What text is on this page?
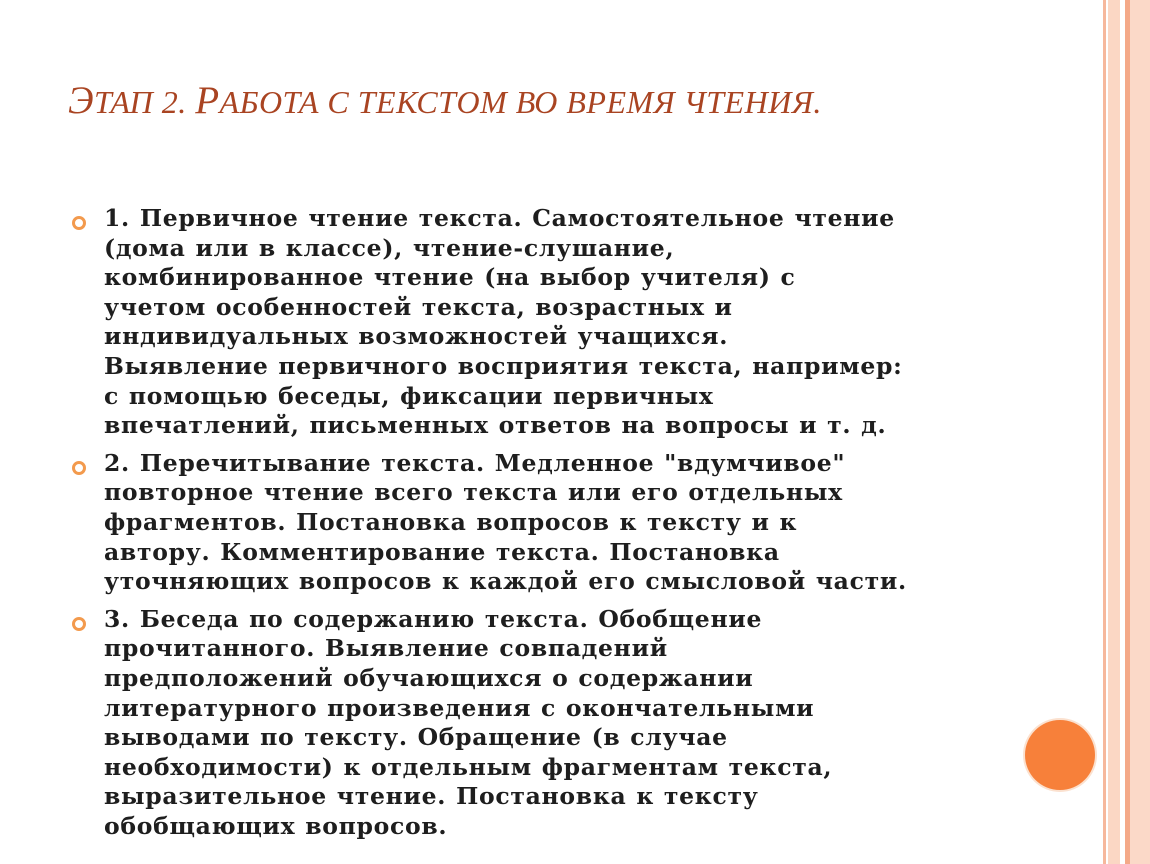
ЭТАП 2. РАБОТА С ТЕКСТОМ ВО ВРЕМЯ ЧТЕНИЯ.
1. Первичное чтение текста. Самостоятельное чтение
(дома или в классе), чтение-слушание,
комбинированное чтение (на выбор учителя) с
учетом особенностей текста, возрастных и
индивидуальных возможностей учащихся.
Выявление первичного восприятия текста, например:
с помощью беседы, фиксации первичных
впечатлений, письменных ответов на вопросы и т. д.
2. Перечитывание текста. Медленное "вдумчивое"
повторное чтение всего текста или его отдельных
фрагментов. Постановка вопросов к тексту и к
автору. Комментирование текста. Постановка
уточняющих вопросов к каждой его смысловой части.
3. Беседа по содержанию текста. Обобщение
прочитанного. Выявление совпадений
предположений обучающихся о содержании
литературного произведения с окончательными
выводами по тексту. Обращение (в случае
необходимости) к отдельным фрагментам текста,
выразительное чтение. Постановка к тексту
обобщающих вопросов.
